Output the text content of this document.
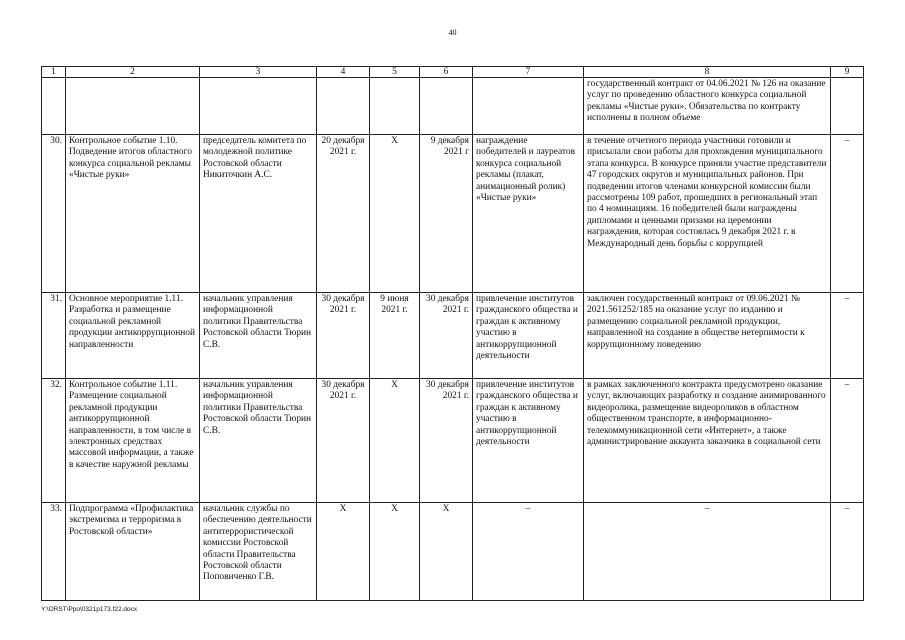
40
1	2	3	4	5	6	7	8	9
							государственный контракт от 04.06.2021 № 126 на оказание услуг по проведению областного конкурса социальной рекламы «Чистые руки». Обязательства по контракту исполнены в полном объеме	
30.	Контрольное событие 1.10. Подведение итогов областного конкурса социальной рекламы «Чистые руки»	председатель комитета по молодежной политике Ростовской области Никиточкин А.С.	20 декабря 2021 г.	Х	9 декабря 2021 г	награждение победителей и лауреатов конкурса социальной рекламы (плакат, анимационный ролик) «Чистые руки»	в течение отчетного периода участники готовили и присылали свои работы для прохождения муниципального этапа конкурса. В конкурсе приняли участие представители 47 городских округов и муниципальных районов. При подведении итогов членами конкурсной комиссии были рассмотрены 109 работ, прошедших в региональный этап по 4 номинациям. 16 победителей были награждены дипломами и ценными призами на церемонии награждения, которая состоялась 9 декабря 2021 г. в Международный день борьбы с коррупцией	–
31.	Основное мероприятие 1.11. Разработка и размещение социальной рекламной продукции антикоррупционной направленности	начальник управления информационной политики Правительства Ростовской области Тюрин С.В.	30 декабря 2021 г.	9 июня 2021 г.	30 декабря 2021 г.	привлечение институтов гражданского общества и граждан к активному участию в антикоррупционной деятельности	заключен государственный контракт от 09.06.2021 № 2021.561252/185 на оказание услуг по изданию и размещению социальной рекламной продукции, направленной на создание в обществе нетерпимости к коррупционному поведению	–
32.	Контрольное событие 1.11. Размещение социальной рекламной продукции антикоррупционной направленности, в том числе в электронных средствах массовой информации, а также в качестве наружной рекламы	начальник управления информационной политики Правительства Ростовской области Тюрин С.В.	30 декабря 2021 г.	Х	30 декабря 2021 г.	привлечение институтов гражданского общества и граждан к активному участию в антикоррупционной деятельности	в рамках заключенного контракта предусмотрено оказание услуг, включающих разработку и создание анимированного видеоролика, размещение видеороликов в областном общественном транспорте, в информационно-телекоммуникационной сети «Интернет», а также администрирование аккаунта заказчика в социальной сети	–
33.	Подпрограмма «Профилактика экстремизма и терроризма в Ростовской области»	начальник службы по обеспечению деятельности антитеррористической комиссии Ростовской области Правительства Ростовской области Поповиченко Г.В.	Х	Х	Х	–	–	–
Y:\ORST\Ppo\0321p173.f22.docx
